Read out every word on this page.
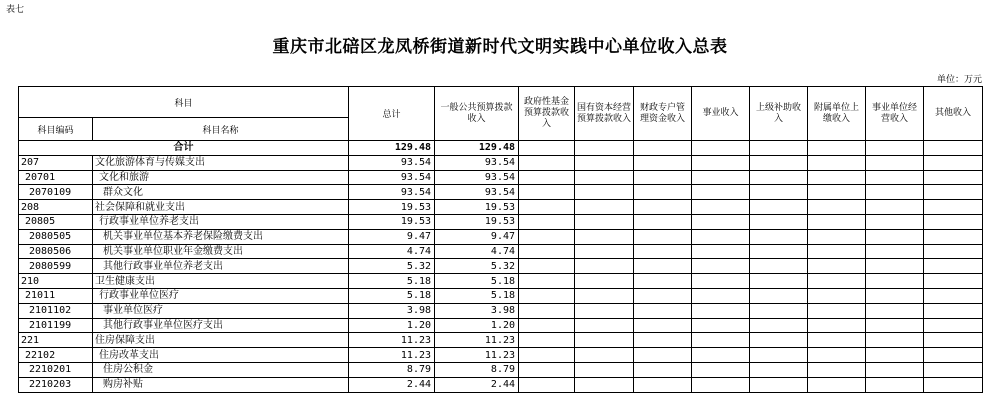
表七
重庆市北碚区龙凤桥街道新时代文明实践中心单位收入总表
单位：万元
科目		总计	一般公共预算拨款收入	政府性基金预算拨款收入	国有资本经营预算拨款收入	财政专户管理资金收入	事业收入	上级补助收入	附属单位上缴收入	事业单位经营收入	其他收入
科目编码	科目名称										
合计		129.48	129.48								
207	文化旅游体育与传媒支出	93.54	93.54								
20701	文化和旅游	93.54	93.54								
2070109	群众文化	93.54	93.54								
208	社会保障和就业支出	19.53	19.53								
20805	行政事业单位养老支出	19.53	19.53								
2080505	机关事业单位基本养老保险缴费支出	9.47	9.47								
2080506	机关事业单位职业年金缴费支出	4.74	4.74								
2080599	其他行政事业单位养老支出	5.32	5.32								
210	卫生健康支出	5.18	5.18								
21011	行政事业单位医疗	5.18	5.18								
2101102	事业单位医疗	3.98	3.98								
2101199	其他行政事业单位医疗支出	1.20	1.20								
221	住房保障支出	11.23	11.23								
22102	住房改革支出	11.23	11.23								
2210201	住房公积金	8.79	8.79								
2210203	购房补贴	2.44	2.44								
